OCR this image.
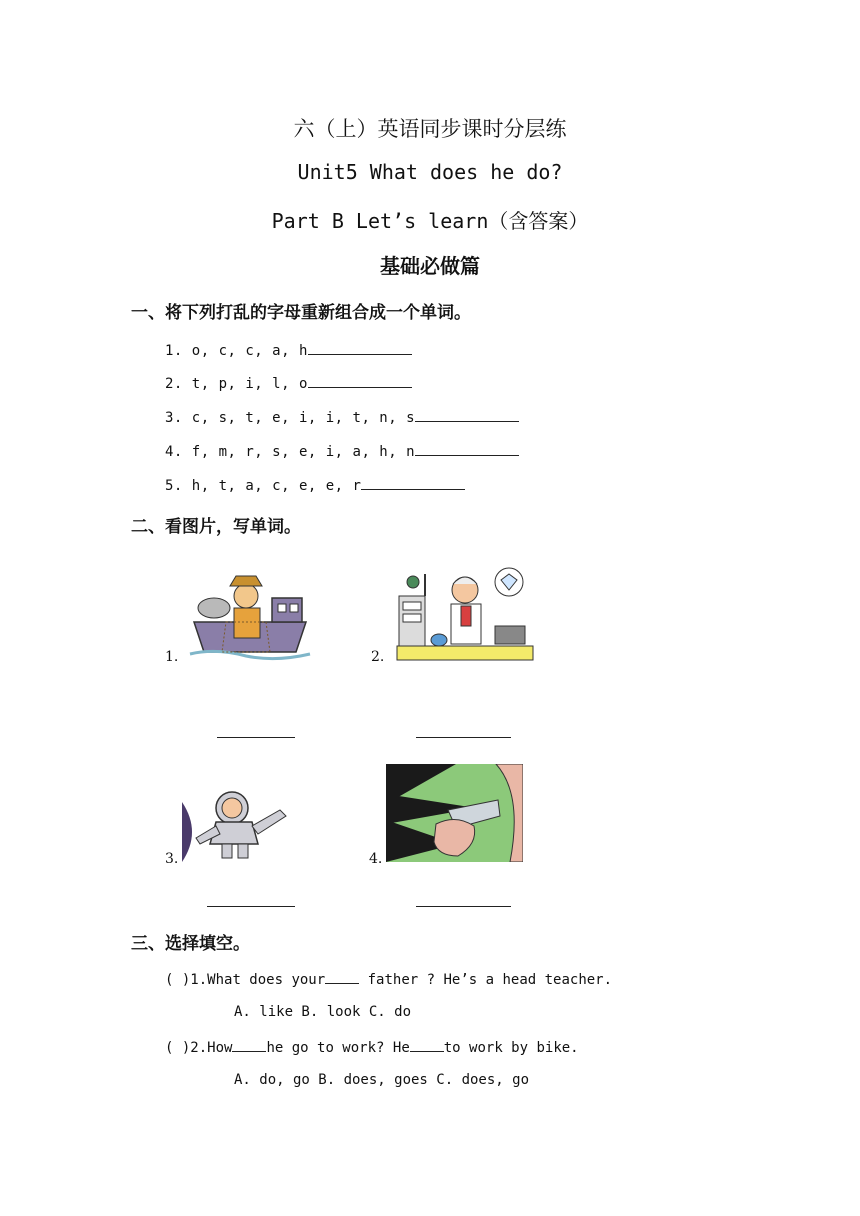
六（上）英语同步课时分层练
Unit5 What does he do?
Part B Let’s learn（含答案）
基础必做篇
一、将下列打乱的字母重新组合成一个单词。
1. o, c, c, a, h
2. t, p, i, l, o
3. c, s, t, e, i, i, t, n, s
4. f, m, r, s, e, i, a, h, n
5. h, t, a, c, e, e, r
二、看图片，写单词。
1.	2.
3.	4.
三、选择填空。
( )1.What does your father ? He’s a head teacher.
A. like B. look C. do
( )2.How he go to work? He to work by bike.
A. do, go B. does, goes C. does, go
